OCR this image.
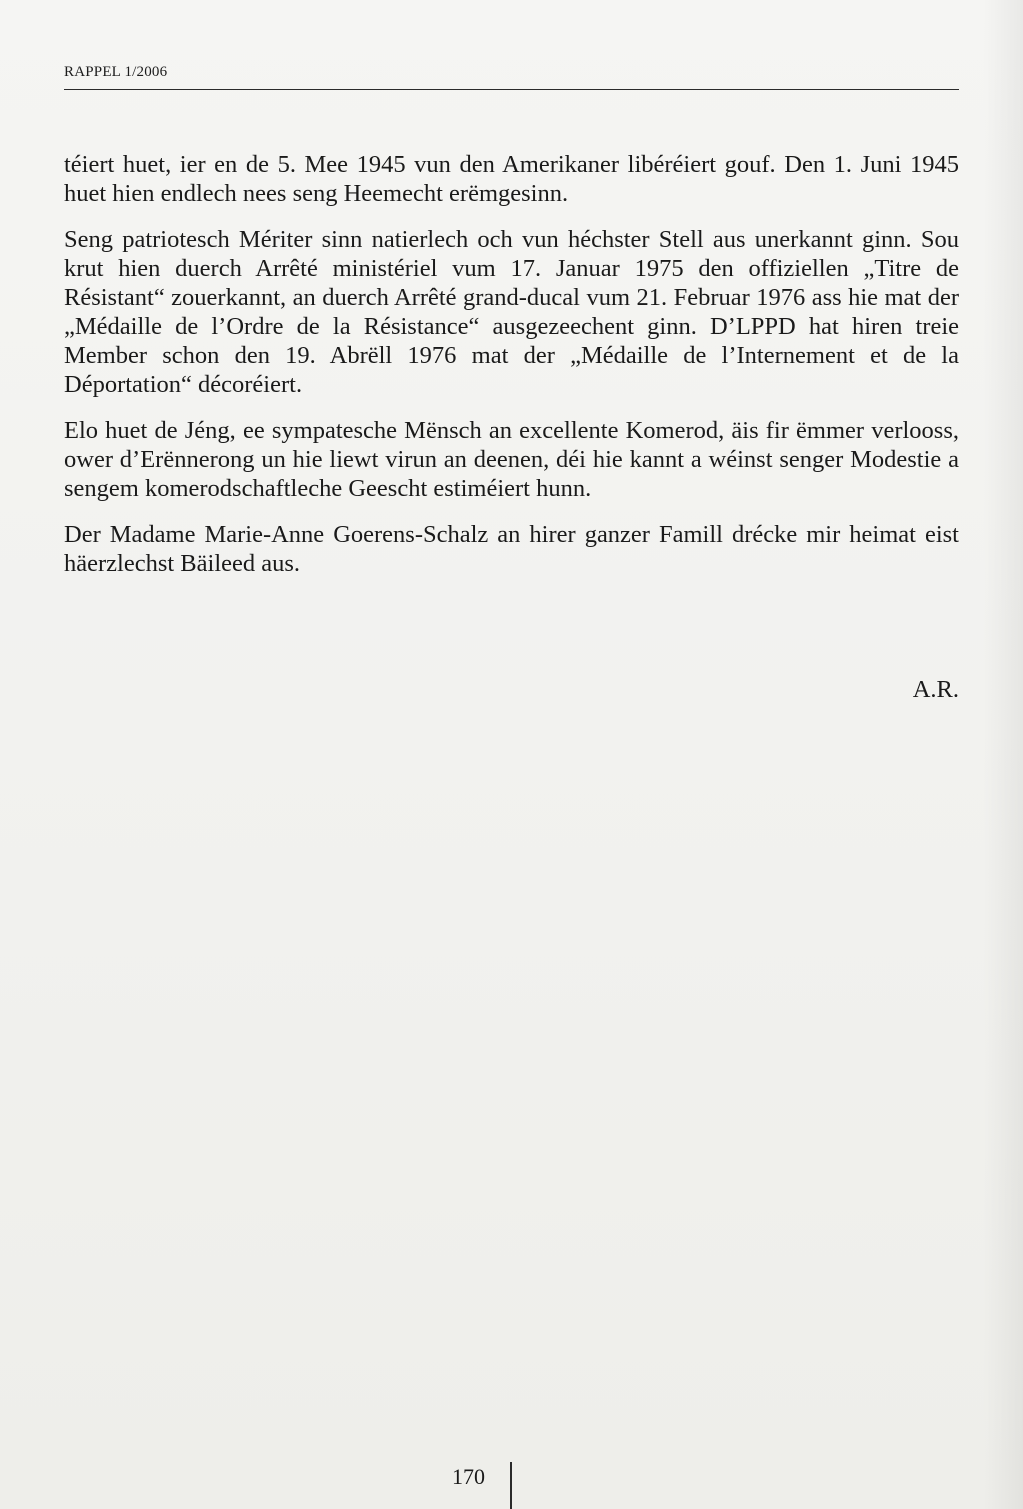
RAPPEL 1/2006

téiert huet, ier en de 5. Mee 1945 vun den Amerikaner libéréiert gouf. Den 1. Juni 1945 huet hien endlech nees seng Heemecht erëmgesinn.

Seng patriotesch Mériter sinn natierlech och vun héchster Stell aus unerkannt ginn. Sou krut hien duerch Arrêté ministériel vum 17. Januar 1975 den offiziellen „Titre de Résistant“ zouerkannt, an duerch Arrêté grand-ducal vum 21. Februar 1976 ass hie mat der „Médaille de l’Ordre de la Résistance“ ausgezeechent ginn. D’LPPD hat hiren treie Member schon den 19. Abrëll 1976 mat der „Médaille de l’Internement et de la Déportation“ décoréiert.

Elo huet de Jéng, ee sympatesche Mënsch an excellente Komerod, äis fir ëmmer verlooss, ower d’Erënnerong un hie liewt virun an deenen, déi hie kannt a wéinst senger Modestie a sengem komerodschaftleche Geescht estiméiert hunn.

Der Madame Marie-Anne Goerens-Schalz an hirer ganzer Famill drécke mir heimat eist häerzlechst Bäileed aus.

A.R.
170
